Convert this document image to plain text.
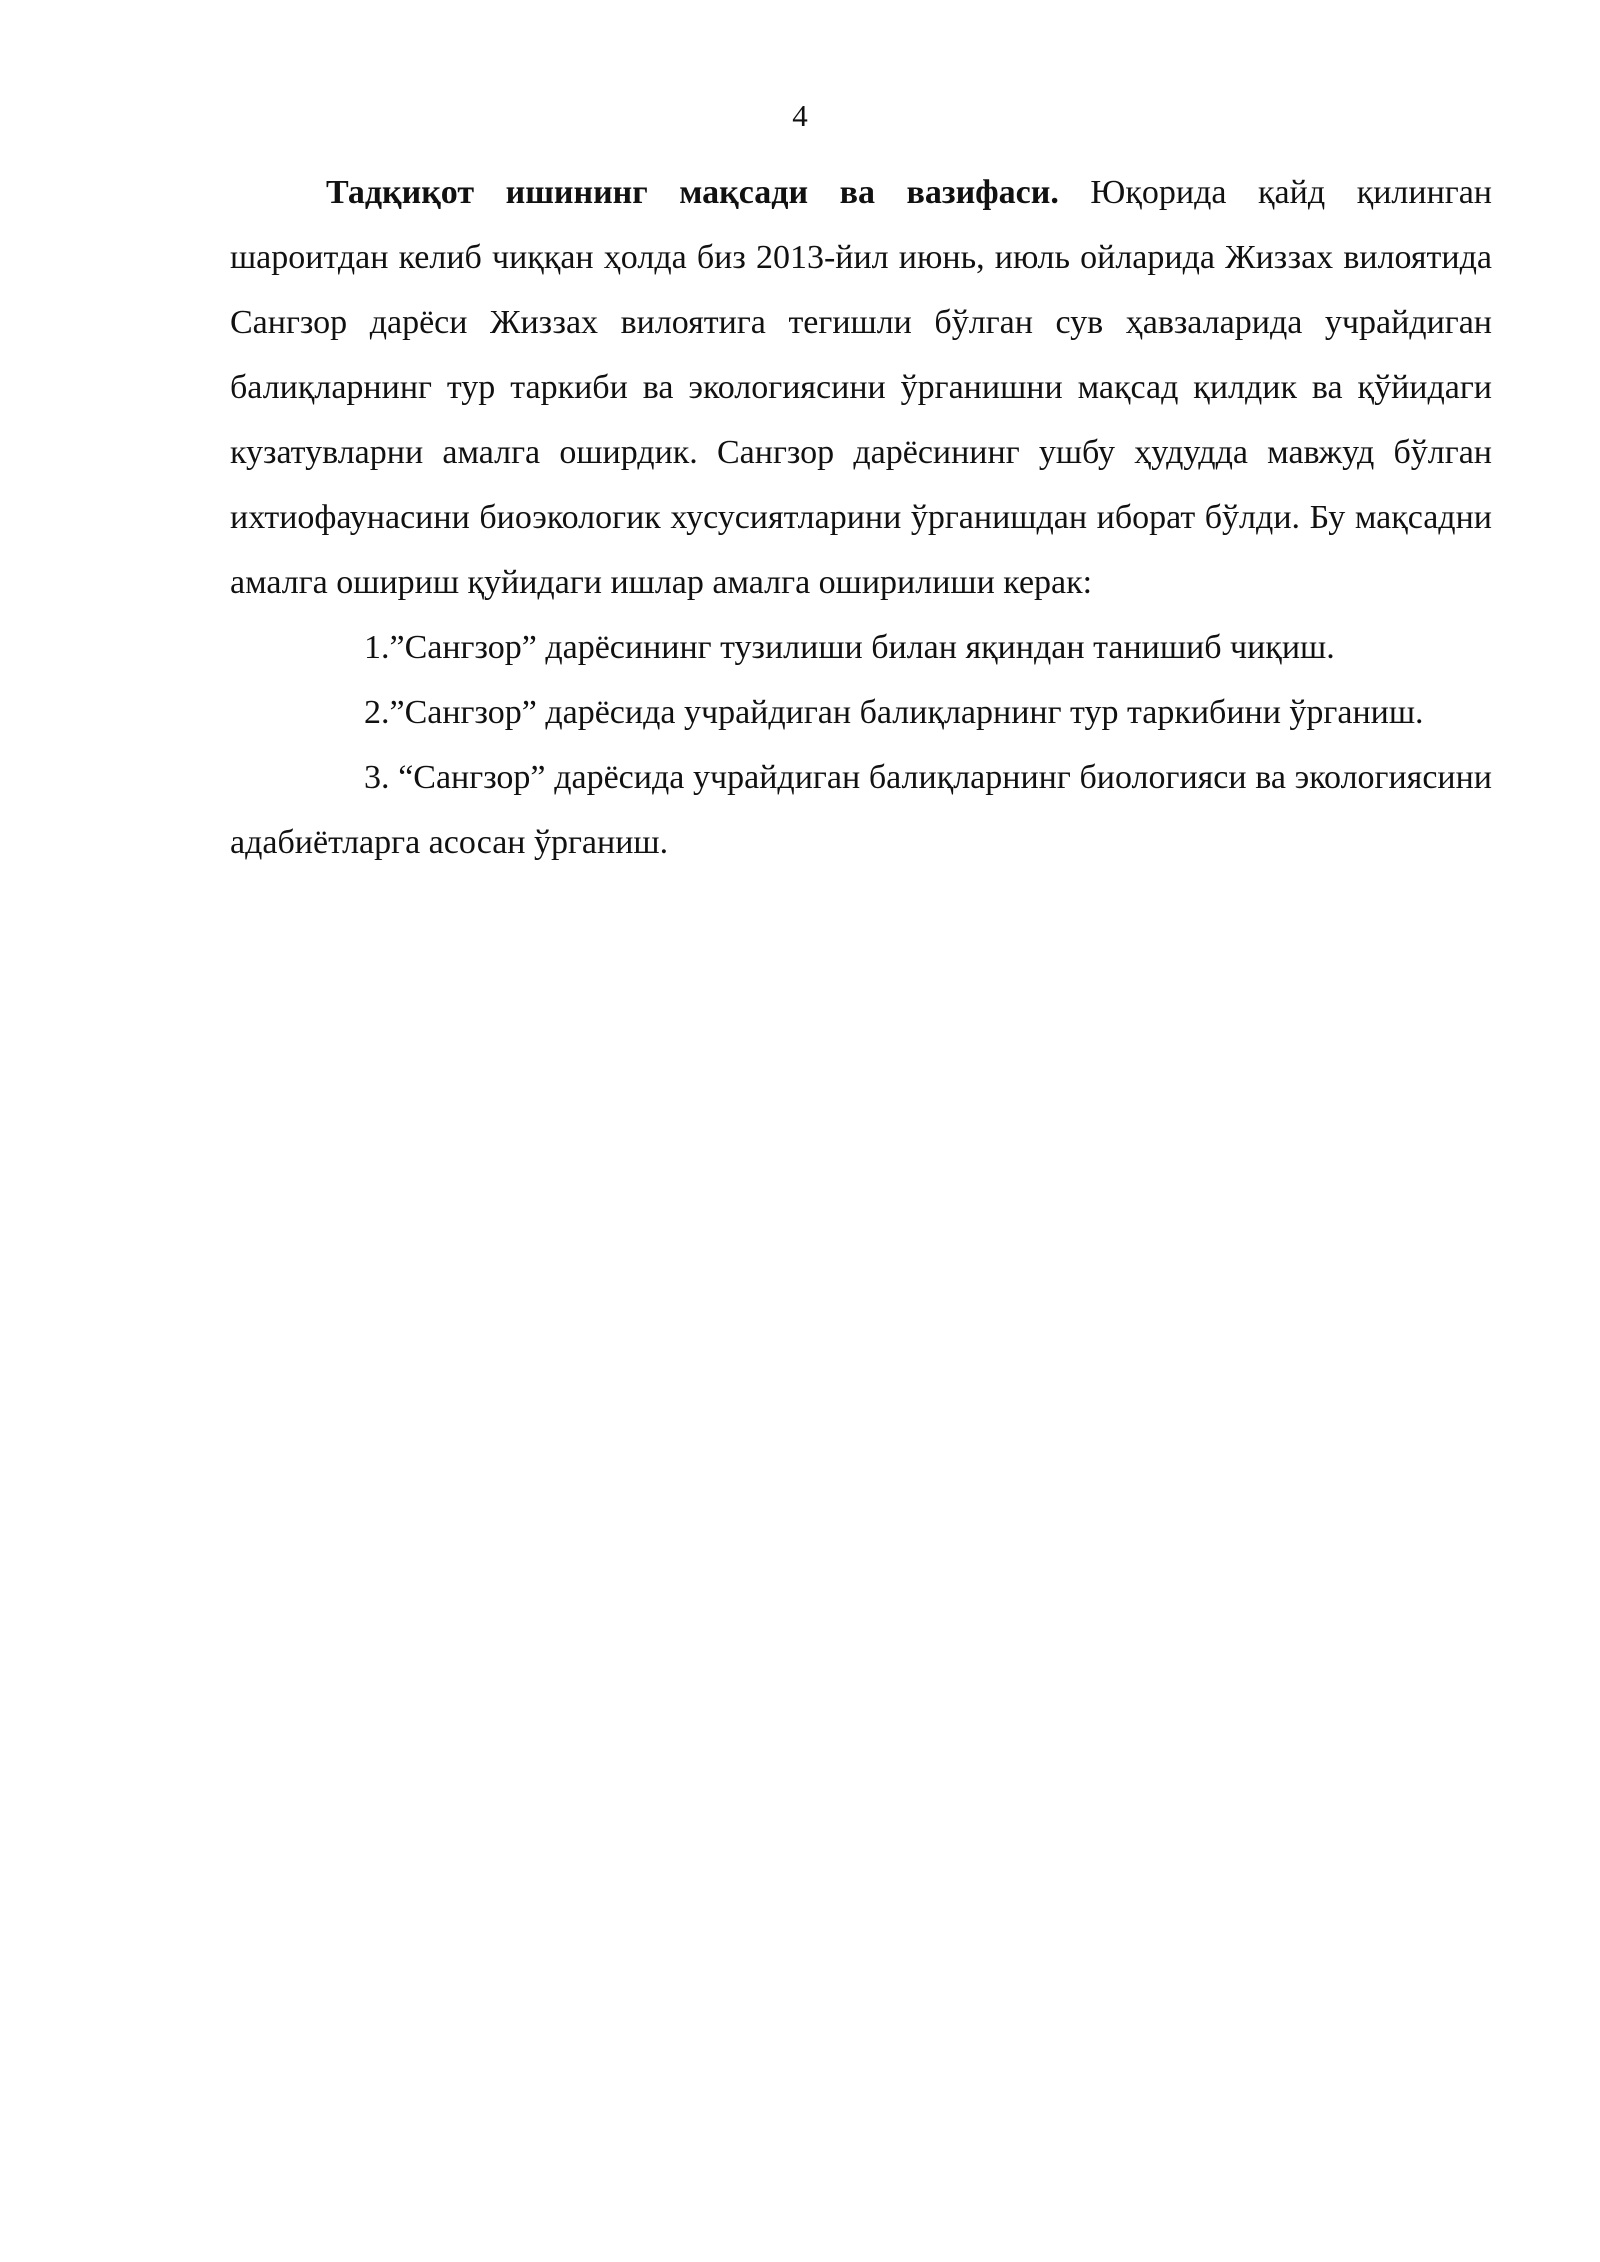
4

Тадқиқот ишининг мақсади ва вазифаси. Юқорида қайд қилинган шароитдан келиб чиққан ҳолда биз 2013-йил июнь, июль ойларида Жиззах вилоятида Сангзор дарёси Жиззах вилоятига тегишли бўлган сув ҳавзаларида учрайдиган балиқларнинг тур таркиби ва экологиясини ўрганишни мақсад қилдик ва қўйидаги кузатувларни амалга оширдик. Сангзор дарёсининг ушбу ҳудудда мавжуд бўлган ихтиофаунасини биоэкологик хусусиятларини ўрганишдан иборат бўлди. Бу мақсадни амалга ошириш қуйидаги ишлар амалга оширилиши керак:

1.”Сангзор” дарёсининг тузилиши билан яқиндан танишиб чиқиш.

2.”Сангзор” дарёсида учрайдиган балиқларнинг тур таркибини ўрганиш.

3. “Сангзор” дарёсида учрайдиган балиқларнинг биологияси ва экологиясини адабиётларга асосан ўрганиш.
